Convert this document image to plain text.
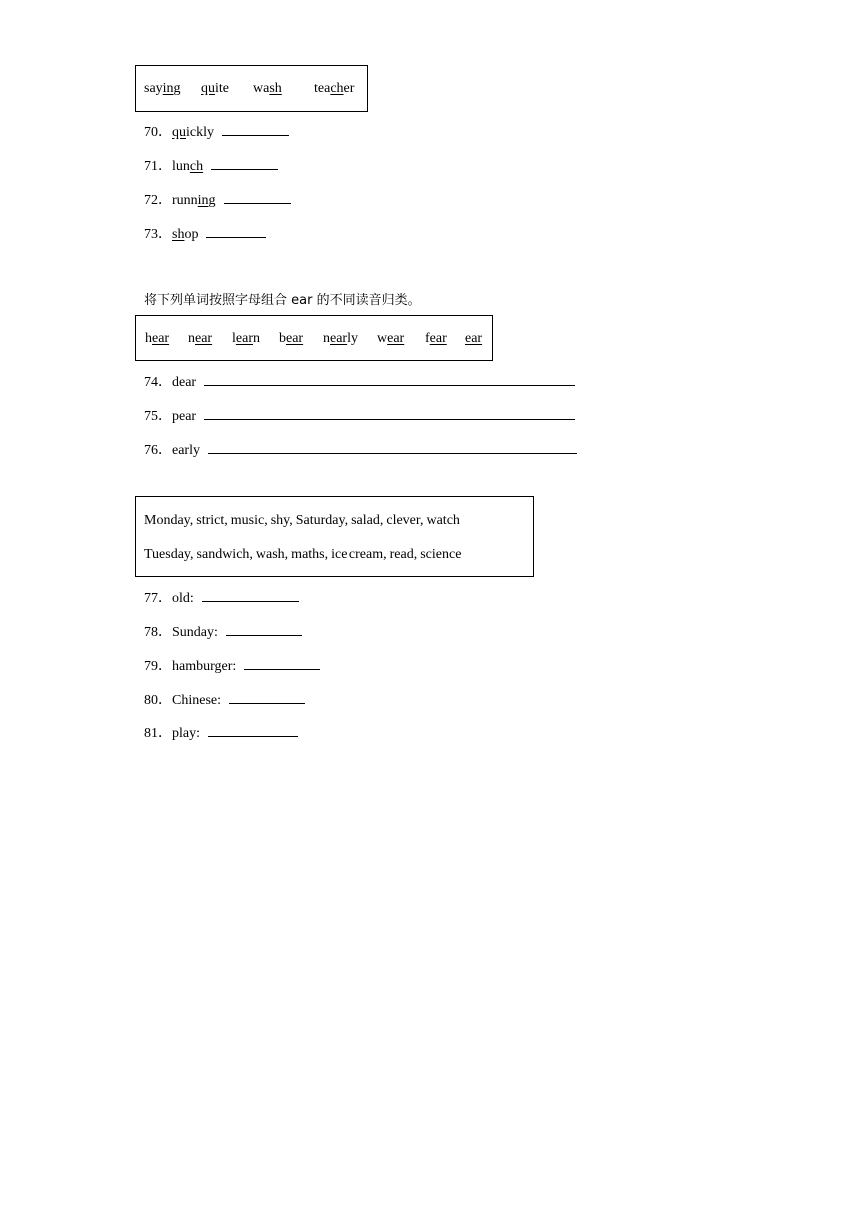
saying quite wash teacher
70．quickly
71．lunch
72．running
73．shop
将下列单词按照字母组合 ear 的不同读音归类。
hear near learn bear nearly wear fear ear
74．dear
75．pear
76．early
Monday,  strict,  music,  shy,  Saturday,  salad,  clever,  watch
Tuesday,  sandwich,  wash,  maths,  ice cream,  read,  science
77．old:
78．Sunday:
79．hamburger:
80．Chinese:
81．play:
